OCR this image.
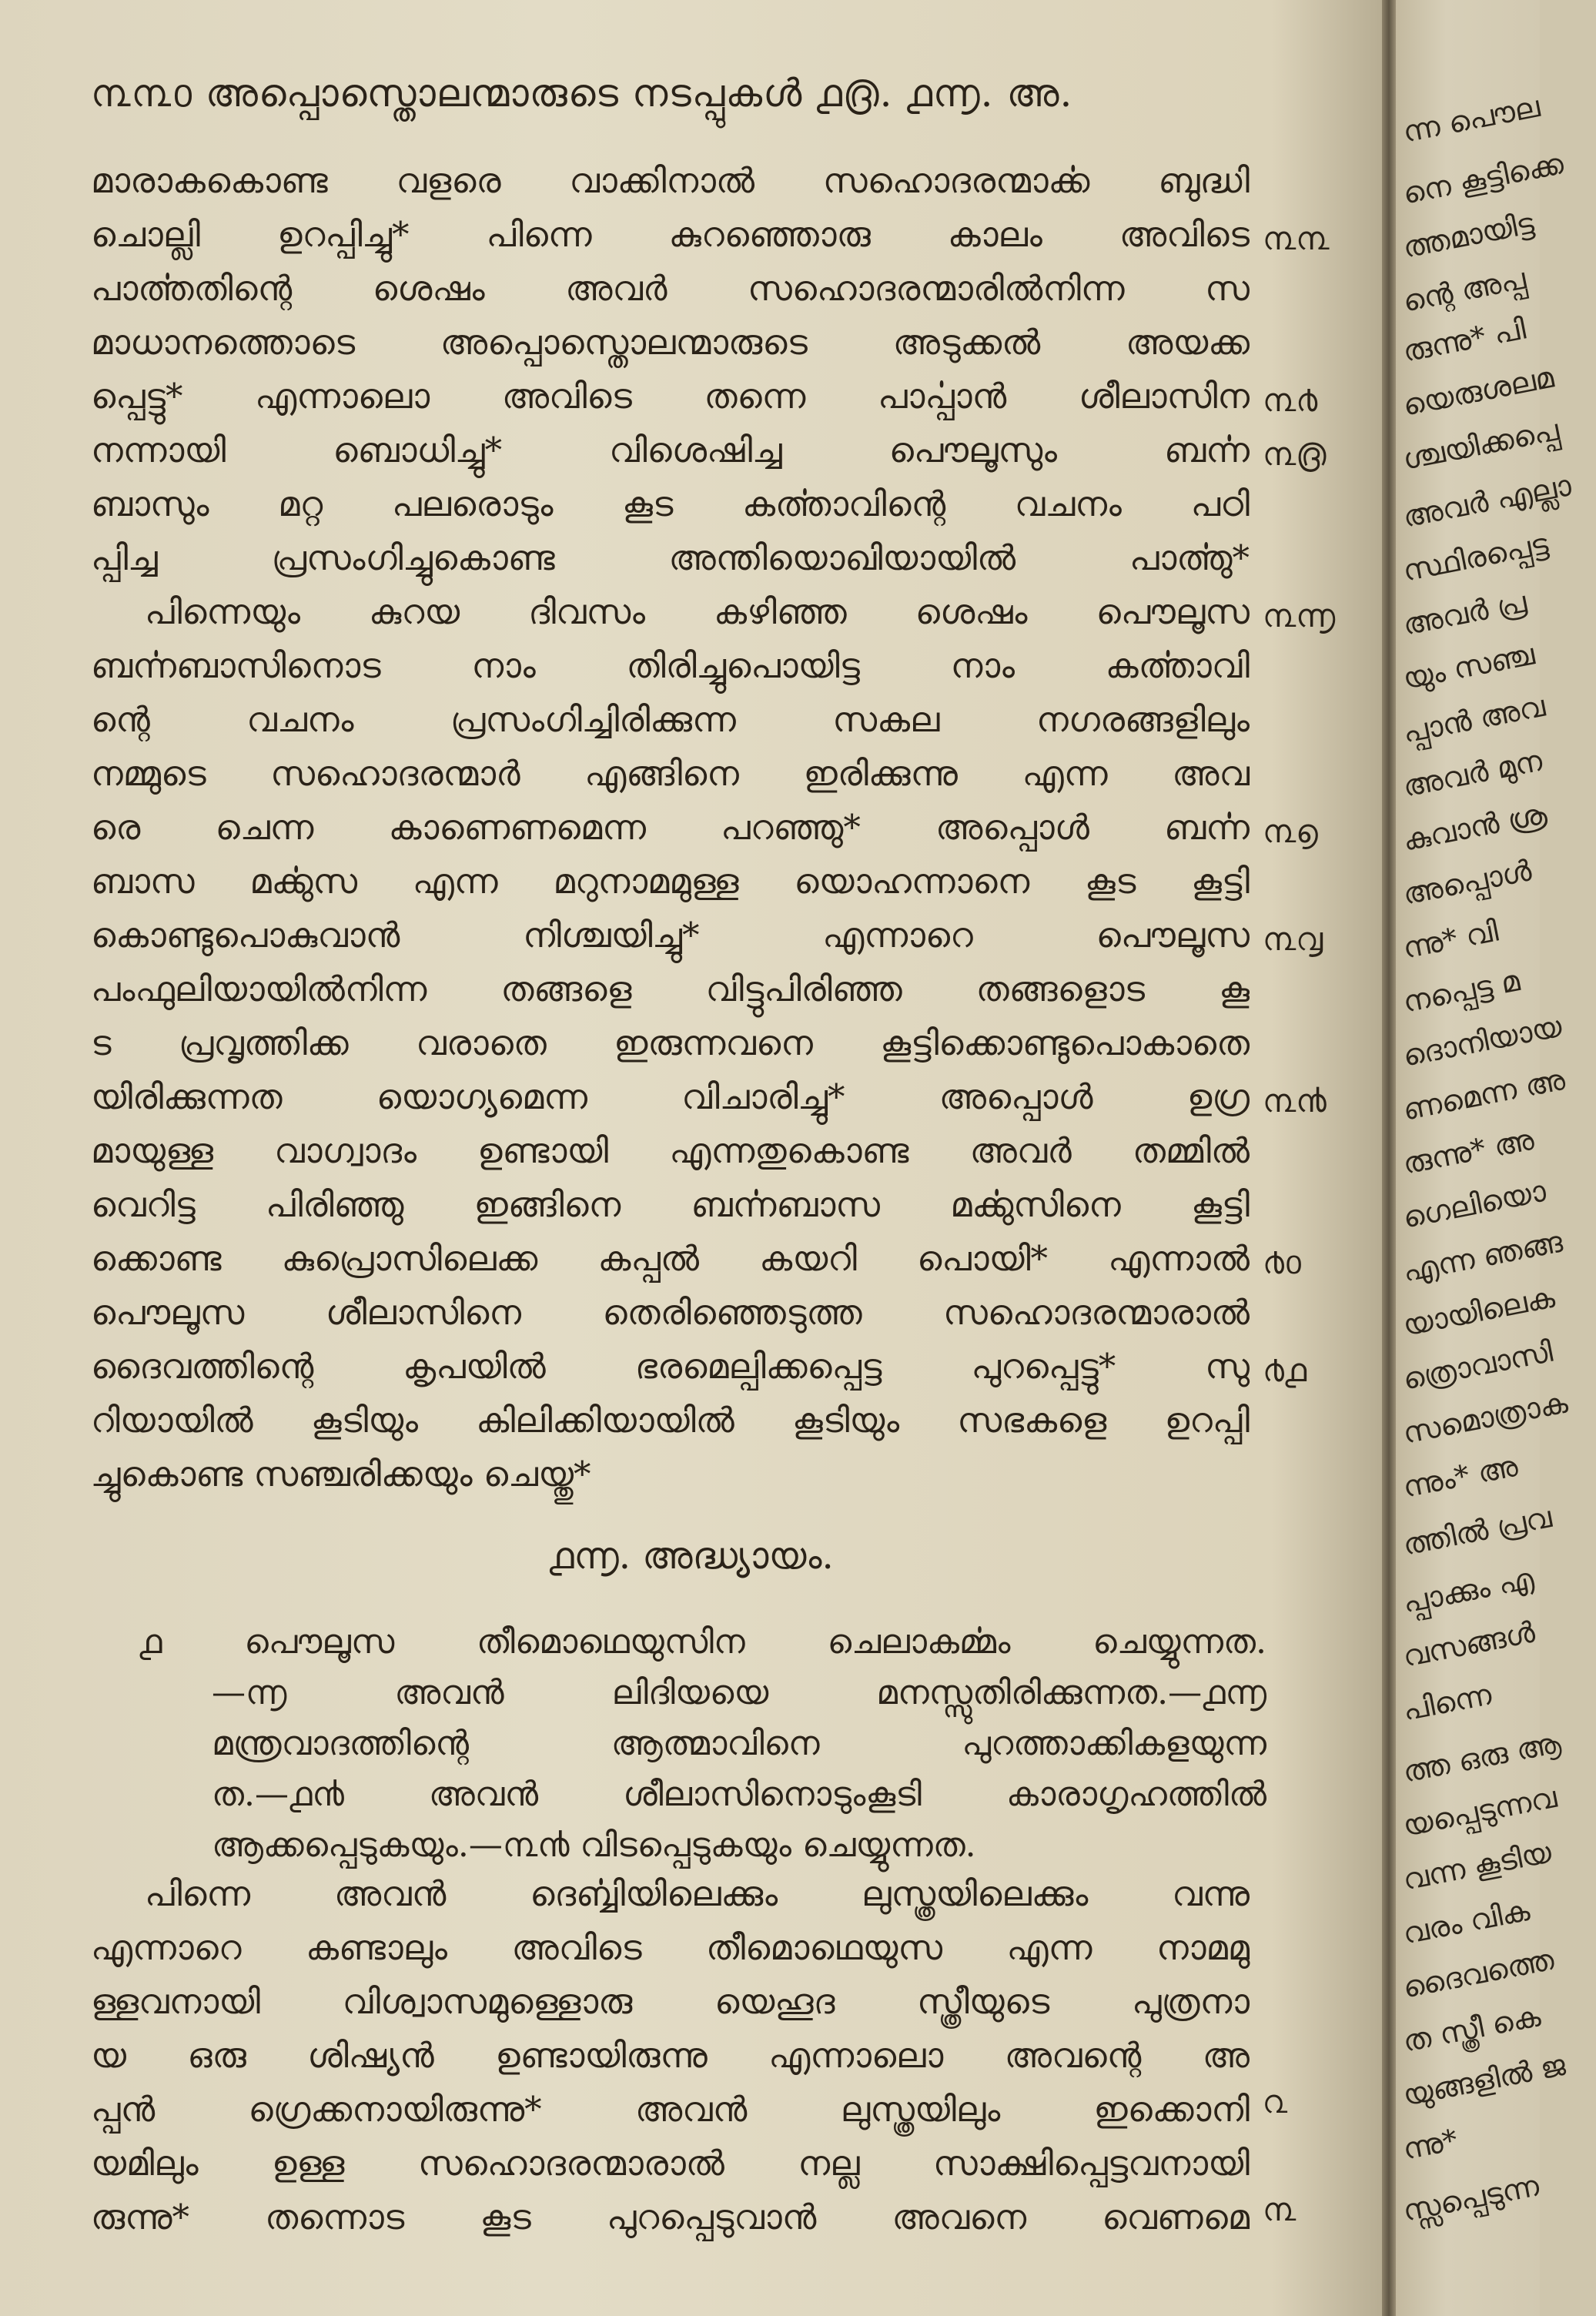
൩൩൦ അപ്പൊസ്തൊലന്മാരുടെ നടപ്പുകൾ ൧൫. ൧൬. അ.
മാരാകകൊണ്ട വളരെ വാക്കിനാൽ സഹൊദരന്മാൎക്ക ബുദ്ധി
ചൊല്ലി ഉറപ്പിച്ചു* പിന്നെ കുറഞ്ഞൊരു കാലം അവിടെ
പാൎത്തതിന്റെ ശെഷം അവർ സഹൊദരന്മാരിൽനിന്ന സ
മാധാനത്തൊടെ അപ്പൊസ്തൊലന്മാരുടെ അടുക്കൽ അയക്ക
പ്പെട്ടു* എന്നാലൊ അവിടെ തന്നെ പാൎപ്പാൻ ശീലാസിന
നന്നായി ബൊധിച്ചു* വിശെഷിച്ച പൌലൂസും ബൎന്ന
ബാസും മറ്റ പലരൊടും കൂട കൎത്താവിന്റെ വചനം പഠി
പ്പിച്ച പ്രസംഗിച്ചുകൊണ്ട അന്തിയൊഖിയായിൽ പാൎത്തു*
പിന്നെയും കുറയ ദിവസം കഴിഞ്ഞ ശെഷം പൌലൂസ
ബൎന്നബാസിനൊട നാം തിരിച്ചുപൊയിട്ട നാം കൎത്താവി
ന്റെ വചനം പ്രസംഗിച്ചിരിക്കുന്ന സകല നഗരങ്ങളിലും
നമ്മുടെ സഹൊദരന്മാർ എങ്ങിനെ ഇരിക്കുന്നു എന്ന അവ
രെ ചെന്ന കാണെണമെന്ന പറഞ്ഞു* അപ്പൊൾ ബൎന്ന
ബാസ മൎക്കുസ എന്ന മറുനാമമുള്ള യൊഹന്നാനെ കൂട കൂട്ടി
കൊണ്ടുപൊകുവാൻ നിശ്ചയിച്ചു* എന്നാറെ പൌലൂസ
പംഫുലിയായിൽനിന്ന തങ്ങളെ വിട്ടുപിരിഞ്ഞ തങ്ങളൊട കൂ
ട പ്രവൃത്തിക്ക വരാതെ ഇരുന്നവനെ കൂട്ടിക്കൊണ്ടുപൊകാതെ
യിരിക്കുന്നത യൊഗ്യമെന്ന വിചാരിച്ചു* അപ്പൊൾ ഉഗ്ര
മായുള്ള വാഗ്വാദം ഉണ്ടായി എന്നതുകൊണ്ട അവർ തമ്മിൽ
വെറിട്ട പിരിഞ്ഞു ഇങ്ങിനെ ബൎന്നബാസ മൎക്കുസിനെ കൂട്ടി
ക്കൊണ്ട കുപ്രൊസിലെക്ക കപ്പൽ കയറി പൊയി* എന്നാൽ
പൌലൂസ ശീലാസിനെ തെരിഞ്ഞെടുത്ത സഹൊദരന്മാരാൽ
ദൈവത്തിന്റെ കൃപയിൽ ഭരമെല്പിക്കപ്പെട്ട പുറപ്പെട്ടു* സു
റിയായിൽ കൂടിയും കിലിക്കിയായിൽ കൂടിയും സഭകളെ ഉറപ്പി
ച്ചുകൊണ്ട സഞ്ചരിക്കയും ചെയ്തു*
൩൩
൩൪
൩൫
൩൬
൩൭
൩൮
൩൯
൪൦
൪൧
൧൬. അദ്ധ്യായം.
൧ പൌലൂസ തീമൊഥെയുസിന ചെലാകൎമ്മം ചെയ്യുന്നത.
—൬ അവൻ ലിദിയയെ മനസ്സുതിരിക്കുന്നത.—൧൬
മന്ത്രവാദത്തിന്റെ ആത്മാവിനെ പുറത്താക്കികളയുന്ന
ത.—൧൯ അവൻ ശീലാസിനൊടുംകൂടി കാരാഗൃഹത്തിൽ
ആക്കപ്പെടുകയും.—൩൯ വിടപ്പെടുകയും ചെയ്യുന്നത.
പിന്നെ അവൻ ദെൎബ്ബിയിലെക്കും ലുസ്ത്രയിലെക്കും വന്നു
എന്നാറെ കണ്ടാലും അവിടെ തീമൊഥെയുസ എന്ന നാമമു
ള്ളവനായി വിശ്വാസമുള്ളൊരു യെഹൂദ സ്ത്രീയുടെ പുത്രനാ
യ ഒരു ശിഷ്യൻ ഉണ്ടായിരുന്നു എന്നാലൊ അവന്റെ അ
പ്പൻ ഗ്രെക്കനായിരുന്നു* അവൻ ലുസ്ത്രയിലും ഇക്കൊനി
യമിലും ഉള്ള സഹൊദരന്മാരാൽ നല്ല സാക്ഷിപ്പെട്ടവനായി
രുന്നു* തന്നൊട കൂട പുറപ്പെടുവാൻ അവനെ വെണമെ
൨
൩
ന്ന പൌല
നെ കൂട്ടിക്കെ
ത്തമായിട്ട
ന്റെ അപ്പ
രുന്നു* പി
യെരുശലമ
ശ്ചയിക്കപ്പെ
അവർ എല്ലാ
സ്ഥിരപ്പെട്ട
അവർ പ്ര
യും സഞ്ച
പ്പാൻ അവ
അവർ മുന
കുവാൻ ശ്ര
അപ്പൊൾ
ന്നു* വി
നപ്പെട്ട മ
ദൊനിയായ
ണമെന്ന അ
രുന്നു* അ
ഗെലിയൊ
എന്ന ഞങ്ങ
യായിലെക
ത്രൊവാസി
സമൊത്രാക
ന്നും* അ
ത്തിൽ പ്രവ
പ്പാക്കും എ
വസങ്ങൾ
പിന്നെ
ത്ത ഒരു ആ
യപ്പെടുന്നവ
വന്ന കൂടിയ
വരം വിക
ദൈവത്തെ
ത സ്ത്രീ കെ
യുങ്ങളിൽ ജ
ന്നു*
സ്സപ്പെടുന്ന
